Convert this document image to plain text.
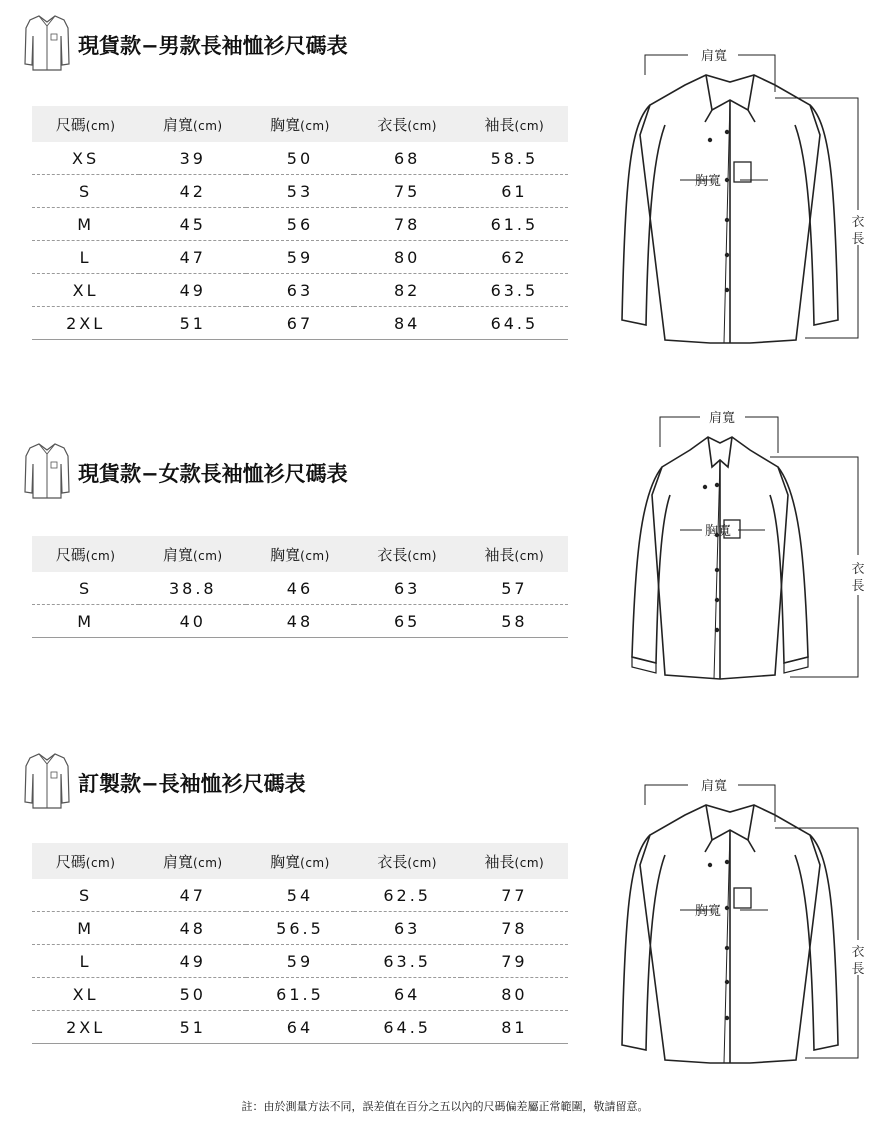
現貨款−男款長袖恤衫尺碼表
尺碼(cm)	肩寬(cm)	胸寬(cm)	衣長(cm)	袖長(cm)
XS	39	50	68	58.5
S	42	53	75	61
M	45	56	78	61.5
L	47	59	80	62
XL	49	63	82	63.5
2XL	51	67	84	64.5
肩寬
胸寬
衣
長
現貨款−女款長袖恤衫尺碼表
尺碼(cm)	肩寬(cm)	胸寬(cm)	衣長(cm)	袖長(cm)
S	38.8	46	63	57
M	40	48	65	58
肩寬
胸寬
衣
長
訂製款−長袖恤衫尺碼表
尺碼(cm)	肩寬(cm)	胸寬(cm)	衣長(cm)	袖長(cm)
S	47	54	62.5	77
M	48	56.5	63	78
L	49	59	63.5	79
XL	50	61.5	64	80
2XL	51	64	64.5	81
肩寬
胸寬
衣
長
註：由於測量方法不同，誤差值在百分之五以內的尺碼偏差屬正常範圍，敬請留意。
